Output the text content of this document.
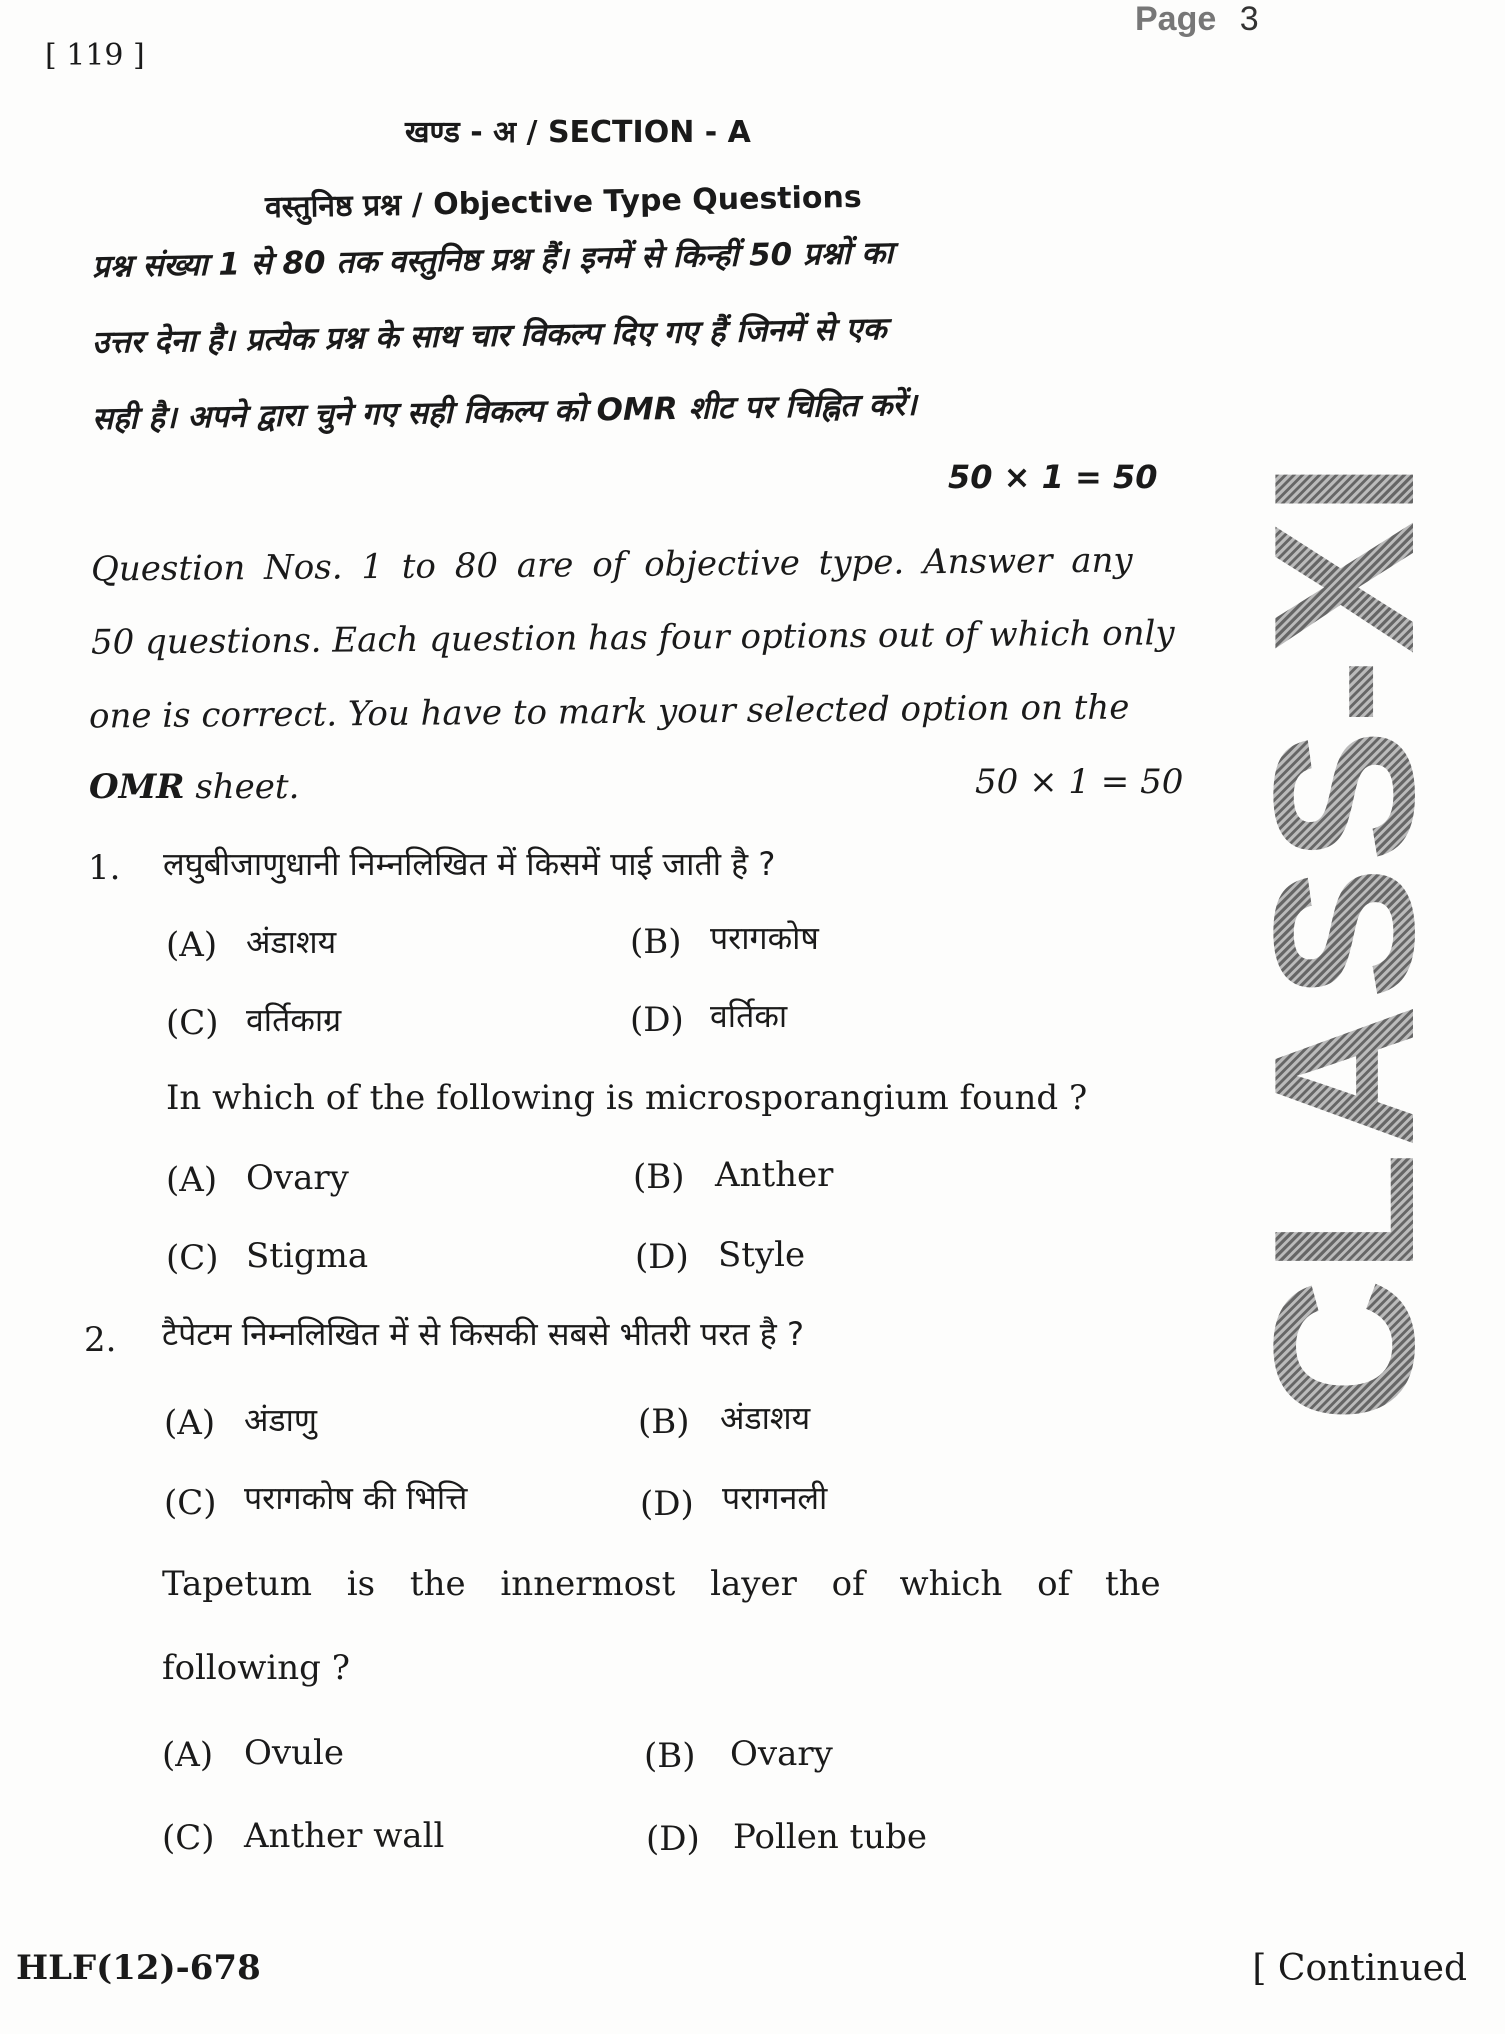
[ 119 ]
Page 3
खण्ड - अ / SECTION - A
वस्तुनिष्ठ प्रश्न / Objective Type Questions
प्रश्न संख्या 1 से 80 तक वस्तुनिष्ठ प्रश्न हैं। इनमें से किन्हीं 50 प्रश्नों का
उत्तर देना है। प्रत्येक प्रश्न के साथ चार विकल्प दिए गए हैं जिनमें से एक
सही है। अपने द्वारा चुने गए सही विकल्प को OMR शीट पर चिह्नित करें।
50 × 1 = 50
Question Nos. 1 to 80 are of objective type. Answer any
50 questions. Each question has four options out of which only
one is correct. You have to mark your selected option on the
OMR sheet.	50 × 1 = 50
1. लघुबीजाणुधानी निम्नलिखित में किसमें पाई जाती है ?
(A) अंडाशय	(B) परागकोष
(C) वर्तिकाग्र	(D) वर्तिका
In which of the following is microsporangium found ?
(A) Ovary	(B) Anther
(C) Stigma	(D) Style
2. टैपेटम निम्नलिखित में से किसकी सबसे भीतरी परत है ?
(A) अंडाणु	(B) अंडाशय
(C) परागकोष की भित्ति	(D) परागनली
Tapetum is the innermost layer of which of the
following ?
(A) Ovule	(B) Ovary
(C) Anther wall	(D) Pollen tube
CLASS-XI
HLF(12)-678	[ Continued
